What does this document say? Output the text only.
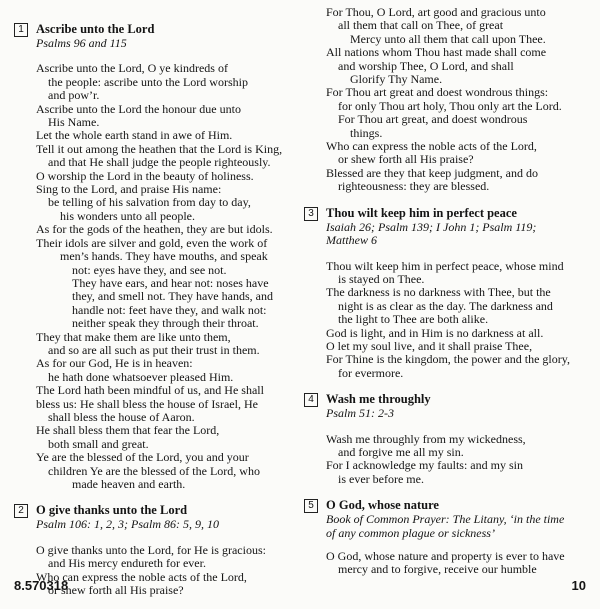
1 Ascribe unto the Lord
Psalms 96 and 115
Ascribe unto the Lord, O ye kindreds of
the people: ascribe unto the Lord worship
and pow’r.
Ascribe unto the Lord the honour due unto
His Name.
Let the whole earth stand in awe of Him.
Tell it out among the heathen that the Lord is King,
and that He shall judge the people righteously.
O worship the Lord in the beauty of holiness.
Sing to the Lord, and praise His name:
be telling of his salvation from day to day,
his wonders unto all people.
As for the gods of the heathen, they are but idols.
Their idols are silver and gold, even the work of
men’s hands. They have mouths, and speak
not: eyes have they, and see not.
They have ears, and hear not: noses have
they, and smell not. They have hands, and
handle not: feet have they, and walk not:
neither speak they through their throat.
They that make them are like unto them,
and so are all such as put their trust in them.
As for our God, He is in heaven:
he hath done whatsoever pleased Him.
The Lord hath been mindful of us, and He shall
bless us: He shall bless the house of Israel, He
shall bless the house of Aaron.
He shall bless them that fear the Lord,
both small and great.
Ye are the blessed of the Lord, you and your
children Ye are the blessed of the Lord, who
made heaven and earth.
2 O give thanks unto the Lord
Psalm 106: 1, 2, 3; Psalm 86: 5, 9, 10
O give thanks unto the Lord, for He is gracious:
and His mercy endureth for ever.
Who can express the noble acts of the Lord,
or shew forth all His praise?
For Thou, O Lord, art good and gracious unto
all them that call on Thee, of great
Mercy unto all them that call upon Thee.
All nations whom Thou hast made shall come
and worship Thee, O Lord, and shall
Glorify Thy Name.
For Thou art great and doest wondrous things:
for only Thou art holy, Thou only art the Lord.
For Thou art great, and doest wondrous
things.
Who can express the noble acts of the Lord,
or shew forth all His praise?
Blessed are they that keep judgment, and do
righteousness: they are blessed.
3 Thou wilt keep him in perfect peace
Isaiah 26; Psalm 139; I John 1; Psalm 119;
Matthew 6
Thou wilt keep him in perfect peace, whose mind
is stayed on Thee.
The darkness is no darkness with Thee, but the
night is as clear as the day. The darkness and
the light to Thee are both alike.
God is light, and in Him is no darkness at all.
O let my soul live, and it shall praise Thee,
For Thine is the kingdom, the power and the glory,
for evermore.
4 Wash me throughly
Psalm 51: 2-3
Wash me throughly from my wickedness,
and forgive me all my sin.
For I acknowledge my faults: and my sin
is ever before me.
5 O God, whose nature
Book of Common Prayer: The Litany, ‘in the time
of any common plague or sickness’
O God, whose nature and property is ever to have
mercy and to forgive, receive our humble
8.570318	10
